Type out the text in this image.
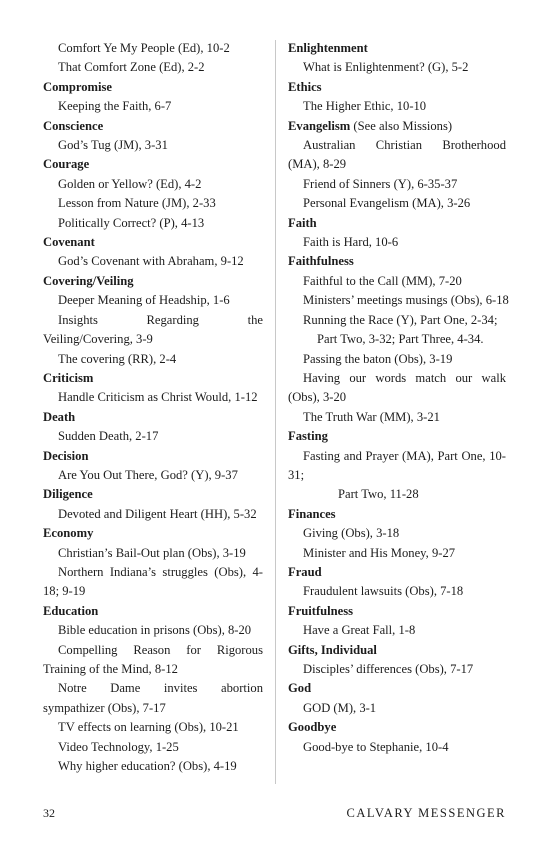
Comfort Ye My People (Ed), 10-2
That Comfort Zone (Ed), 2-2
Compromise
Keeping the Faith, 6-7
Conscience
God’s Tug (JM), 3-31
Courage
Golden or Yellow? (Ed), 4-2
Lesson from Nature (JM), 2-33
Politically Correct? (P), 4-13
Covenant
God’s Covenant with Abraham, 9-12
Covering/Veiling
Deeper Meaning of Headship, 1-6
Insights Regarding the Veiling/Covering, 3-9
The covering (RR), 2-4
Criticism
Handle Criticism as Christ Would, 1-12
Death
Sudden Death, 2-17
Decision
Are You Out There, God? (Y), 9-37
Diligence
Devoted and Diligent Heart (HH), 5-32
Economy
Christian’s Bail-Out plan (Obs), 3-19
Northern Indiana’s struggles (Obs), 4-18; 9-19
Education
Bible education in prisons (Obs), 8-20
Compelling Reason for Rigorous Training of the Mind, 8-12
Notre Dame invites abortion sympathizer (Obs), 7-17
TV effects on learning (Obs), 10-21
Video Technology, 1-25
Why higher education? (Obs), 4-19
Enlightenment
What is Enlightenment? (G), 5-2
Ethics
The Higher Ethic, 10-10
Evangelism (See also Missions)
Australian Christian Brotherhood (MA), 8-29
Friend of Sinners (Y), 6-35-37
Personal Evangelism (MA), 3-26
Faith
Faith is Hard, 10-6
Faithfulness
Faithful to the Call (MM), 7-20
Ministers’ meetings musings (Obs), 6-18
Running the Race (Y), Part One, 2-34;
Part Two, 3-32; Part Three, 4-34.
Passing the baton (Obs), 3-19
Having our words match our walk (Obs), 3-20
The Truth War (MM), 3-21
Fasting
Fasting and Prayer (MA), Part One, 10-31;
Part Two, 11-28
Finances
Giving (Obs), 3-18
Minister and His Money, 9-27
Fraud
Fraudulent lawsuits (Obs), 7-18
Fruitfulness
Have a Great Fall, 1-8
Gifts, Individual
Disciples’ differences (Obs), 7-17
God
GOD (M), 3-1
Goodbye
Good-bye to Stephanie, 10-4
32	CALVARY MESSENGER
